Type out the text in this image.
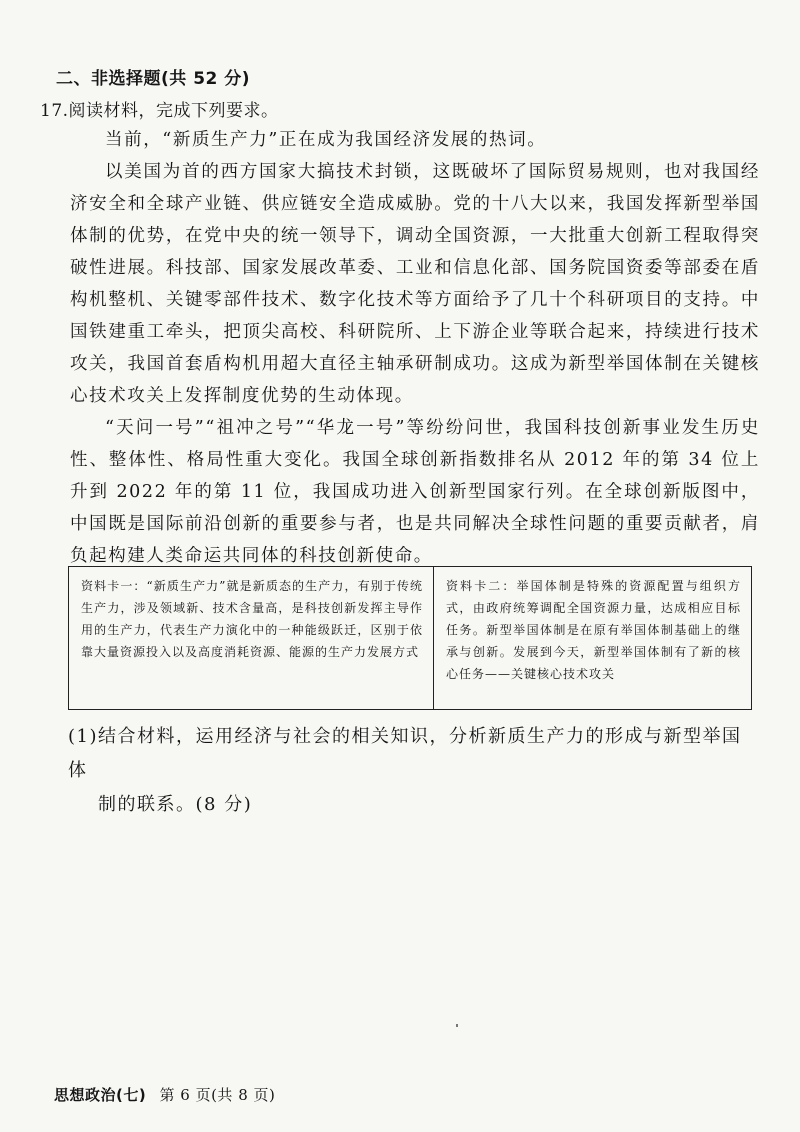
二、非选择题(共 52 分)
17.阅读材料，完成下列要求。

当前，“新质生产力”正在成为我国经济发展的热词。

以美国为首的西方国家大搞技术封锁，这既破坏了国际贸易规则，也对我国经济安全和全球产业链、供应链安全造成威胁。党的十八大以来，我国发挥新型举国体制的优势，在党中央的统一领导下，调动全国资源，一大批重大创新工程取得突破性进展。科技部、国家发展改革委、工业和信息化部、国务院国资委等部委在盾构机整机、关键零部件技术、数字化技术等方面给予了几十个科研项目的支持。中国铁建重工牵头，把顶尖高校、科研院所、上下游企业等联合起来，持续进行技术攻关，我国首套盾构机用超大直径主轴承研制成功。这成为新型举国体制在关键核心技术攻关上发挥制度优势的生动体现。

“天问一号”“祖冲之号”“华龙一号”等纷纷问世，我国科技创新事业发生历史性、整体性、格局性重大变化。我国全球创新指数排名从 2012 年的第 34 位上升到 2022 年的第 11 位，我国成功进入创新型国家行列。在全球创新版图中，中国既是国际前沿创新的重要参与者，也是共同解决全球性问题的重要贡献者，肩负起构建人类命运共同体的科技创新使命。

资料卡一：“新质生产力”就是新质态的生产力，有别于传统生产力，涉及领域新、技术含量高，是科技创新发挥主导作用的生产力，代表生产力演化中的一种能级跃迁，区别于依靠大量资源投入以及高度消耗资源、能源的生产力发展方式
资料卡二：举国体制是特殊的资源配置与组织方式，由政府统筹调配全国资源力量，达成相应目标任务。新型举国体制是在原有举国体制基础上的继承与创新。发展到今天，新型举国体制有了新的核心任务——关键核心技术攻关
(1)结合材料，运用经济与社会的相关知识，分析新质生产力的形成与新型举国体
制的联系。(8 分)
思想政治(七) 第 6 页(共 8 页)
